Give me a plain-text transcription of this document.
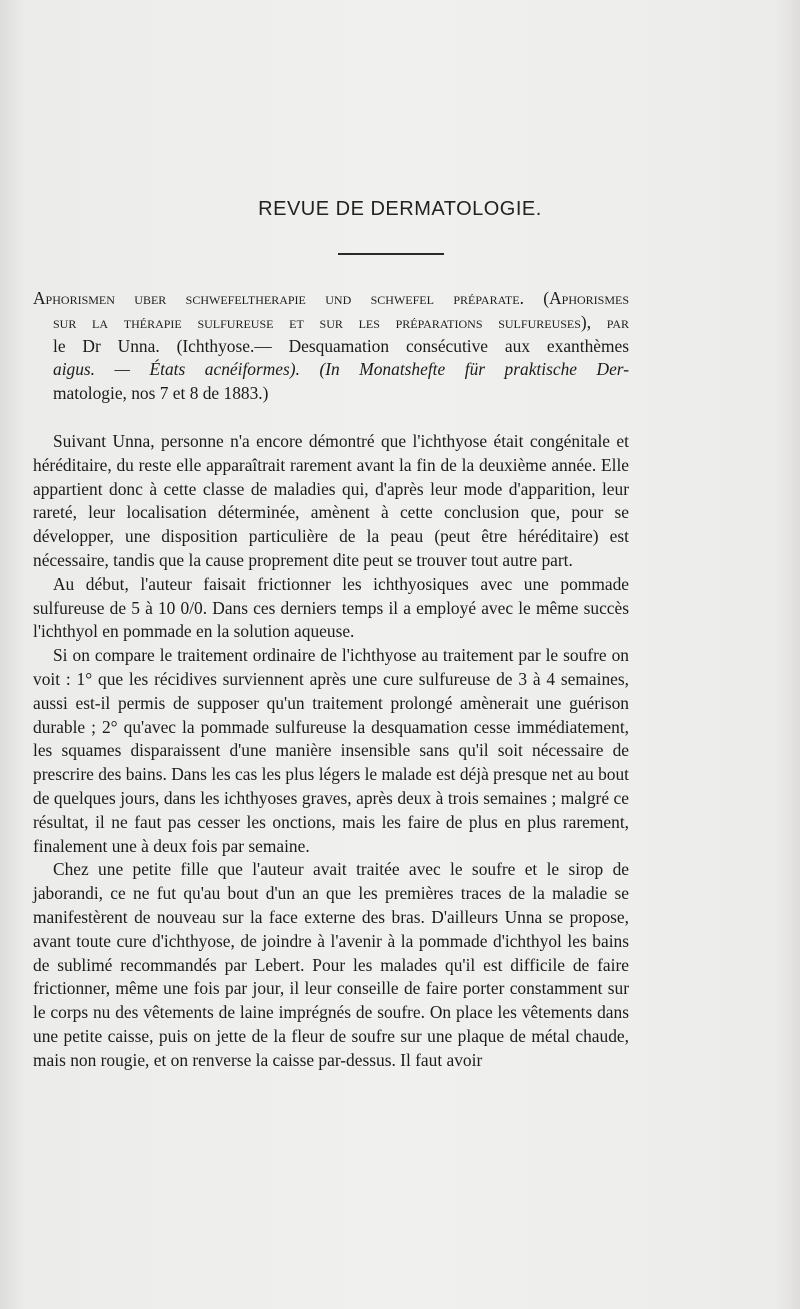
REVUE DE DERMATOLOGIE.
Aphorismen uber schwefeltherapie und schwefel préparate. (Aphorismes
sur la thérapie sulfureuse et sur les préparations sulfureuses), par
le Dr Unna. (Ichthyose.— Desquamation consécutive aux exanthèmes
aigus. — États acnéiformes). (In Monatshefte für praktische Der-
matologie, nos 7 et 8 de 1883.)

Suivant Unna, personne n'a encore démontré que l'ichthyose était congénitale et héréditaire, du reste elle apparaîtrait rarement avant la fin de la deuxième année. Elle appartient donc à cette classe de maladies qui, d'après leur mode d'apparition, leur rareté, leur localisation déterminée, amènent à cette conclusion que, pour se développer, une disposition particulière de la peau (peut être héréditaire) est nécessaire, tandis que la cause proprement dite peut se trouver tout autre part.

Au début, l'auteur faisait frictionner les ichthyosiques avec une pommade sulfureuse de 5 à 10 0/0. Dans ces derniers temps il a employé avec le même succès l'ichthyol en pommade en la solution aqueuse.

Si on compare le traitement ordinaire de l'ichthyose au traitement par le soufre on voit : 1° que les récidives surviennent après une cure sulfureuse de 3 à 4 semaines, aussi est-il permis de supposer qu'un traitement prolongé amènerait une guérison durable ; 2° qu'avec la pommade sulfureuse la desquamation cesse immédiatement, les squames disparaissent d'une manière insensible sans qu'il soit nécessaire de prescrire des bains. Dans les cas les plus légers le malade est déjà presque net au bout de quelques jours, dans les ichthyoses graves, après deux à trois semaines ; malgré ce résultat, il ne faut pas cesser les onctions, mais les faire de plus en plus rarement, finalement une à deux fois par semaine.

Chez une petite fille que l'auteur avait traitée avec le soufre et le sirop de jaborandi, ce ne fut qu'au bout d'un an que les premières traces de la maladie se manifestèrent de nouveau sur la face externe des bras. D'ailleurs Unna se propose, avant toute cure d'ichthyose, de joindre à l'avenir à la pommade d'ichthyol les bains de sublimé recommandés par Lebert. Pour les malades qu'il est difficile de faire frictionner, même une fois par jour, il leur conseille de faire porter constamment sur le corps nu des vêtements de laine imprégnés de soufre. On place les vêtements dans une petite caisse, puis on jette de la fleur de soufre sur une plaque de métal chaude, mais non rougie, et on renverse la caisse par-dessus. Il faut avoir
